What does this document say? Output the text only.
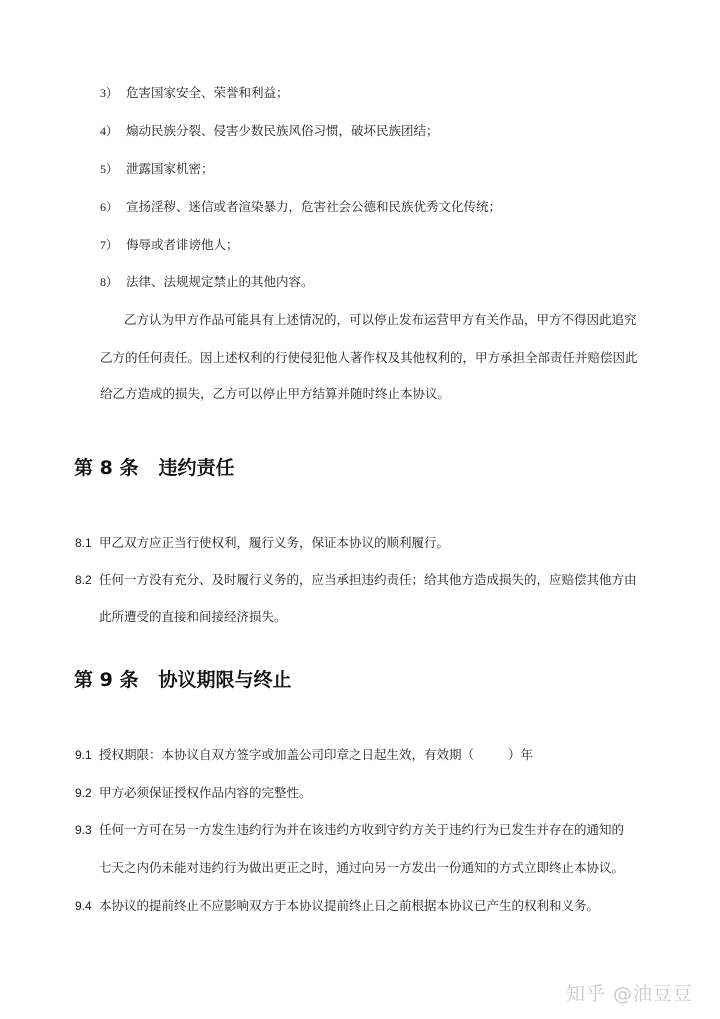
3） 危害国家安全、荣誉和利益；
4） 煽动民族分裂、侵害少数民族风俗习惯，破坏民族团结；
5） 泄露国家机密；
6） 宣扬淫秽、迷信或者渲染暴力，危害社会公德和民族优秀文化传统；
7） 侮辱或者诽谤他人；
8） 法律、法规规定禁止的其他内容。
乙方认为甲方作品可能具有上述情况的，可以停止发布运营甲方有关作品，甲方不得因此追究
乙方的任何责任。因上述权利的行使侵犯他人著作权及其他权利的，甲方承担全部责任并赔偿因此
给乙方造成的损失，乙方可以停止甲方结算并随时终止本协议。
第 8 条 违约责任
8.1 甲乙双方应正当行使权利，履行义务，保证本协议的顺利履行。
8.2 任何一方没有充分、及时履行义务的，应当承担违约责任；给其他方造成损失的，应赔偿其他方由
此所遭受的直接和间接经济损失。
第 9 条 协议期限与终止
9.1 授权期限：本协议自双方签字或加盖公司印章之日起生效，有效期（	）年
9.2 甲方必须保证授权作品内容的完整性。
9.3 任何一方可在另一方发生违约行为并在该违约方收到守约方关于违约行为已发生并存在的通知的
七天之内仍未能对违约行为做出更正之时，通过向另一方发出一份通知的方式立即终止本协议。
9.4 本协议的提前终止不应影响双方于本协议提前终止日之前根据本协议已产生的权利和义务。
知乎 @油豆豆
